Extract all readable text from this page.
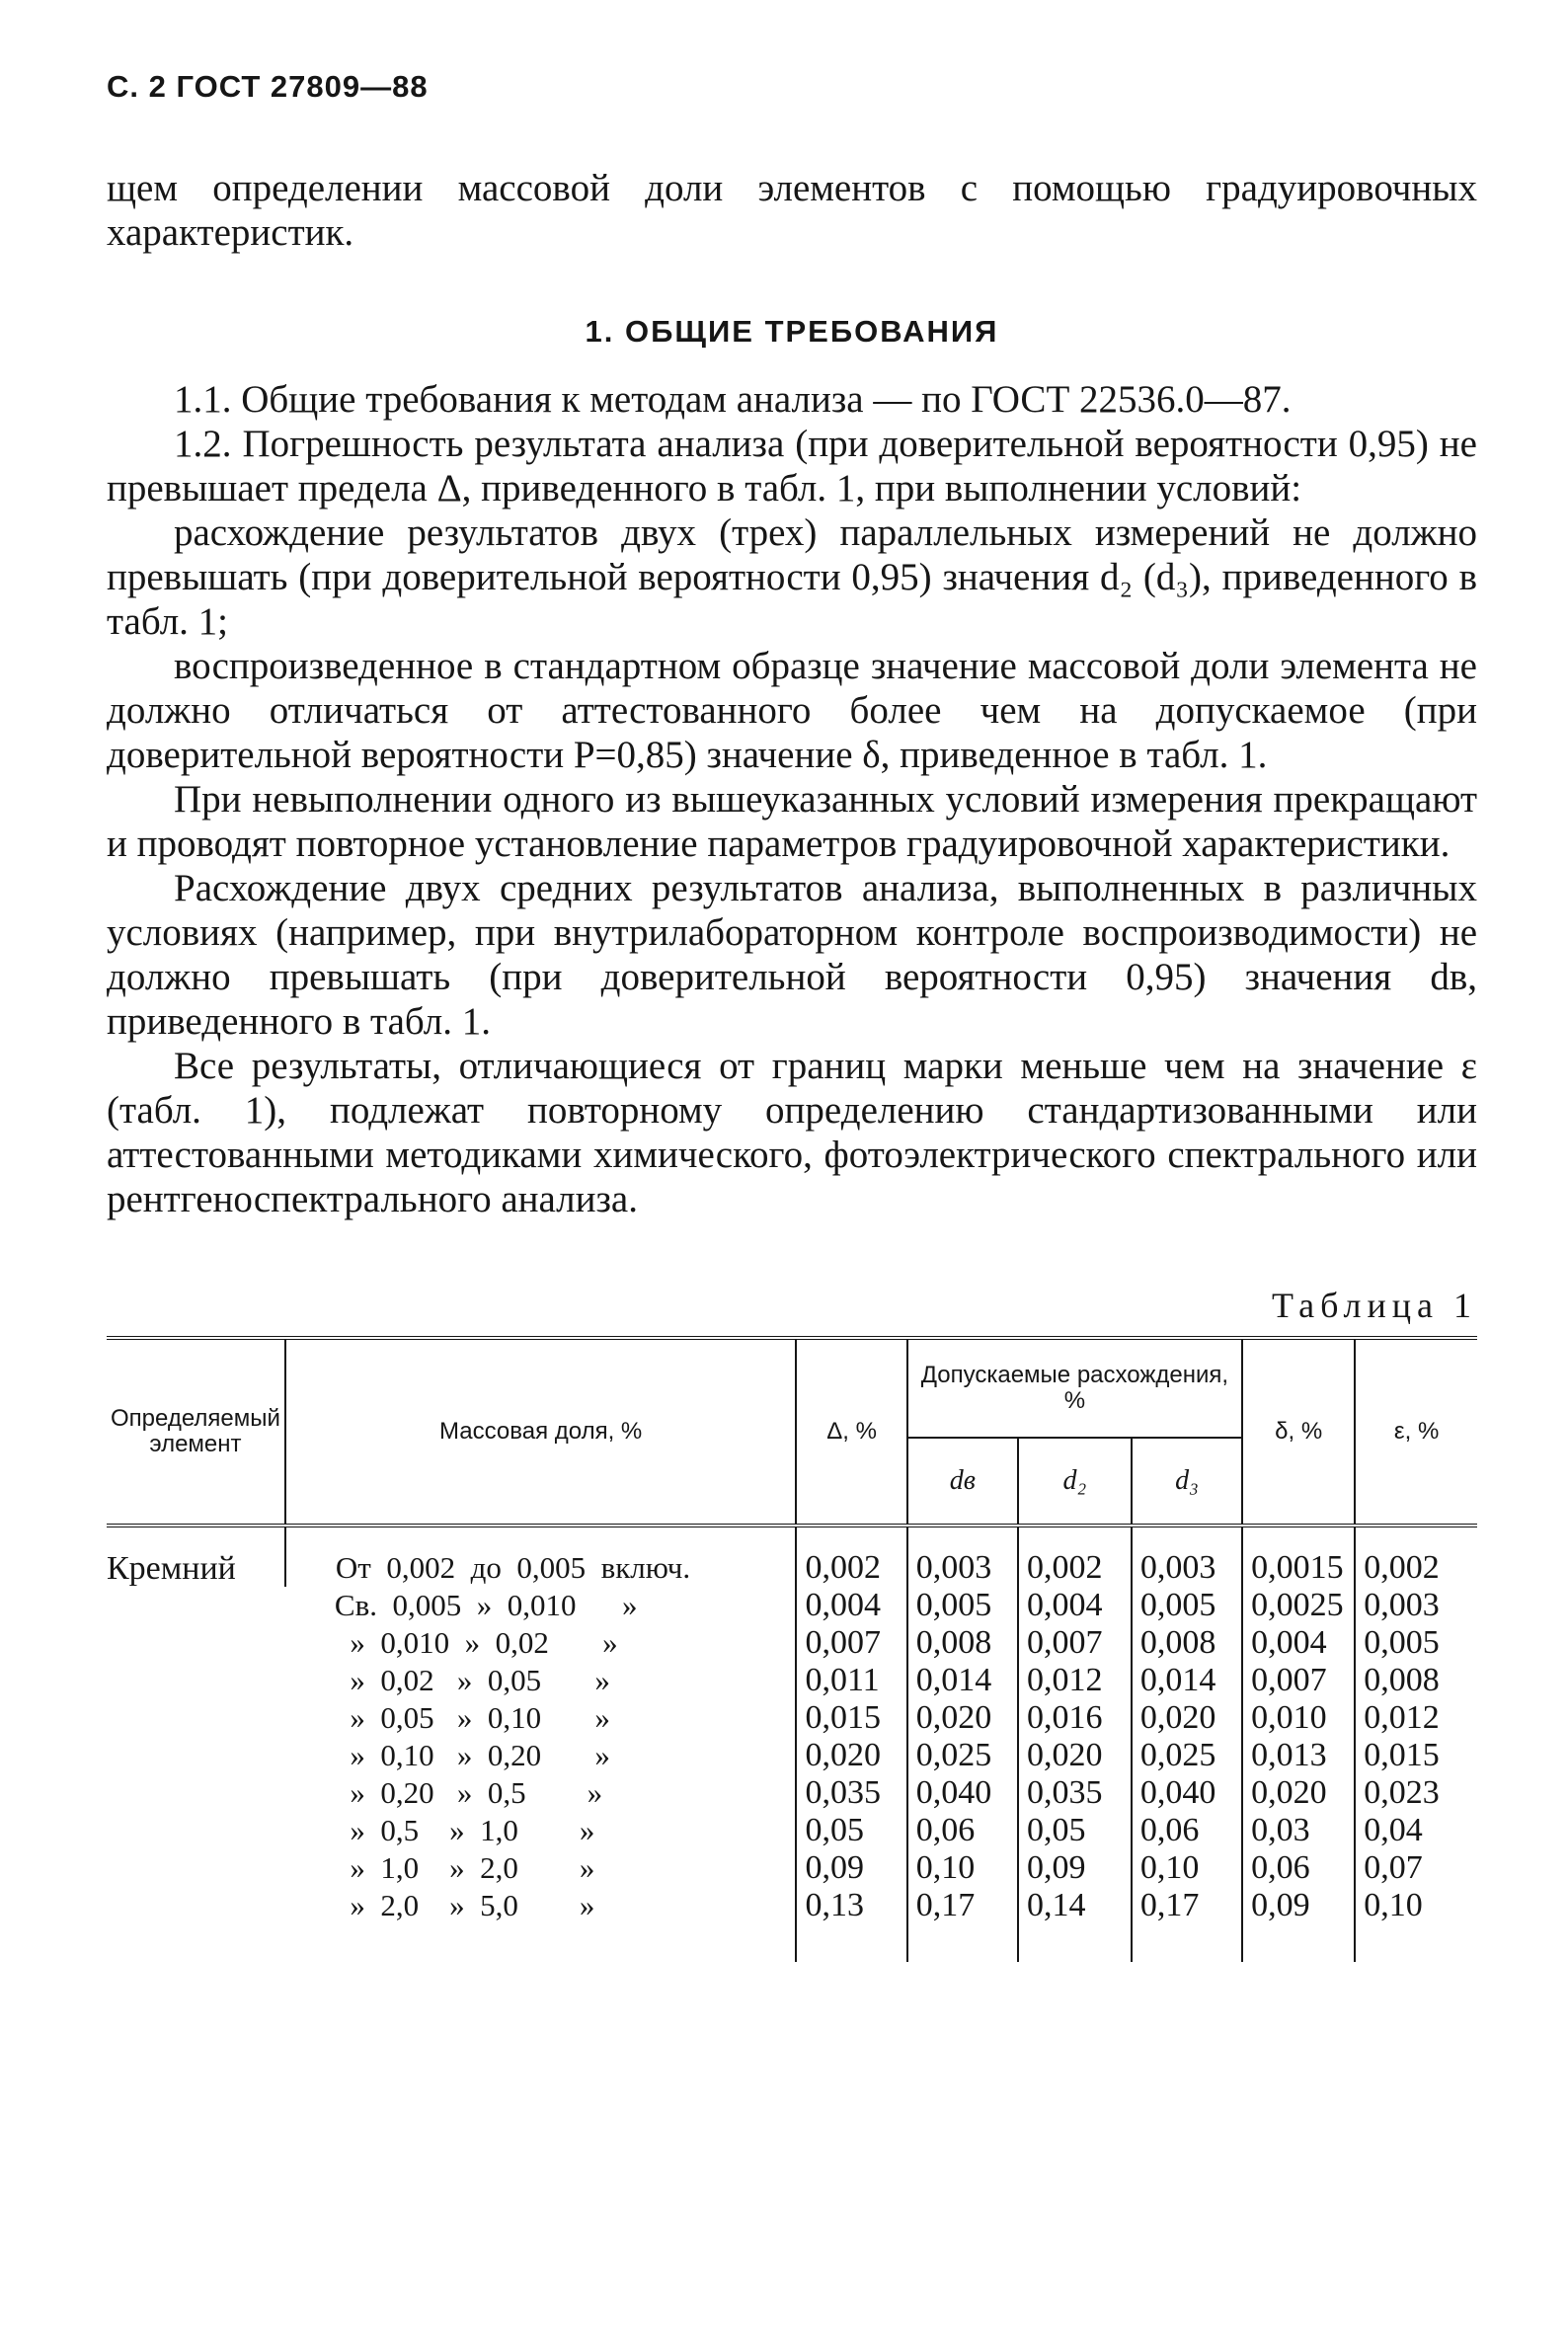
С. 2 ГОСТ 27809—88

щем определении массовой доли элементов с помощью градуировочных характеристик.

1. ОБЩИЕ ТРЕБОВАНИЯ

1.1. Общие требования к методам анализа — по ГОСТ 22536.0—87.

1.2. Погрешность результата анализа (при доверительной вероятности 0,95) не превышает предела Δ, приведенного в табл. 1, при выполнении условий:

расхождение результатов двух (трех) параллельных измерений не должно превышать (при доверительной вероятности 0,95) значения d₂ (d₃), приведенного в табл. 1;

воспроизведенное в стандартном образце значение массовой доли элемента не должно отличаться от аттестованного более чем на допускаемое (при доверительной вероятности P=0,85) значение δ, приведенное в табл. 1.

При невыполнении одного из вышеуказанных условий измерения прекращают и проводят повторное установление параметров градуировочной характеристики.

Расхождение двух средних результатов анализа, выполненных в различных условиях (например, при внутрилабораторном контроле воспроизводимости) не должно превышать (при доверительной вероятности 0,95) значения dв, приведенного в табл. 1.

Все результаты, отличающиеся от границ марки меньше чем на значение ε (табл. 1), подлежат повторному определению стандартизованными или аттестованными методиками химического, фотоэлектрического спектрального или рентгеноспектрального анализа.

Таблица 1
Определяемый элемент	Массовая доля, %	Δ, %	Допускаемые расхождения, %			δ, %	ε, %
			dв	d₂	d₃		
Кремний	От  0,002  до  0,005  включ.	0,002	0,003	0,002	0,003	0,0015	0,002
	Св.  0,005  »  0,010      »	0,004	0,005	0,004	0,005	0,0025	0,003
	»  0,010  »  0,02       »	0,007	0,008	0,007	0,008	0,004	0,005
	»  0,02   »  0,05       »	0,011	0,014	0,012	0,014	0,007	0,008
	»  0,05   »  0,10       »	0,015	0,020	0,016	0,020	0,010	0,012
	»  0,10   »  0,20       »	0,020	0,025	0,020	0,025	0,013	0,015
	»  0,20   »  0,5        »	0,035	0,040	0,035	0,040	0,020	0,023
	»  0,5    »  1,0        »	0,05	0,06	0,05	0,06	0,03	0,04
	»  1,0    »  2,0        »	0,09	0,10	0,09	0,10	0,06	0,07
	»  2,0    »  5,0        »	0,13	0,17	0,14	0,17	0,09	0,10
